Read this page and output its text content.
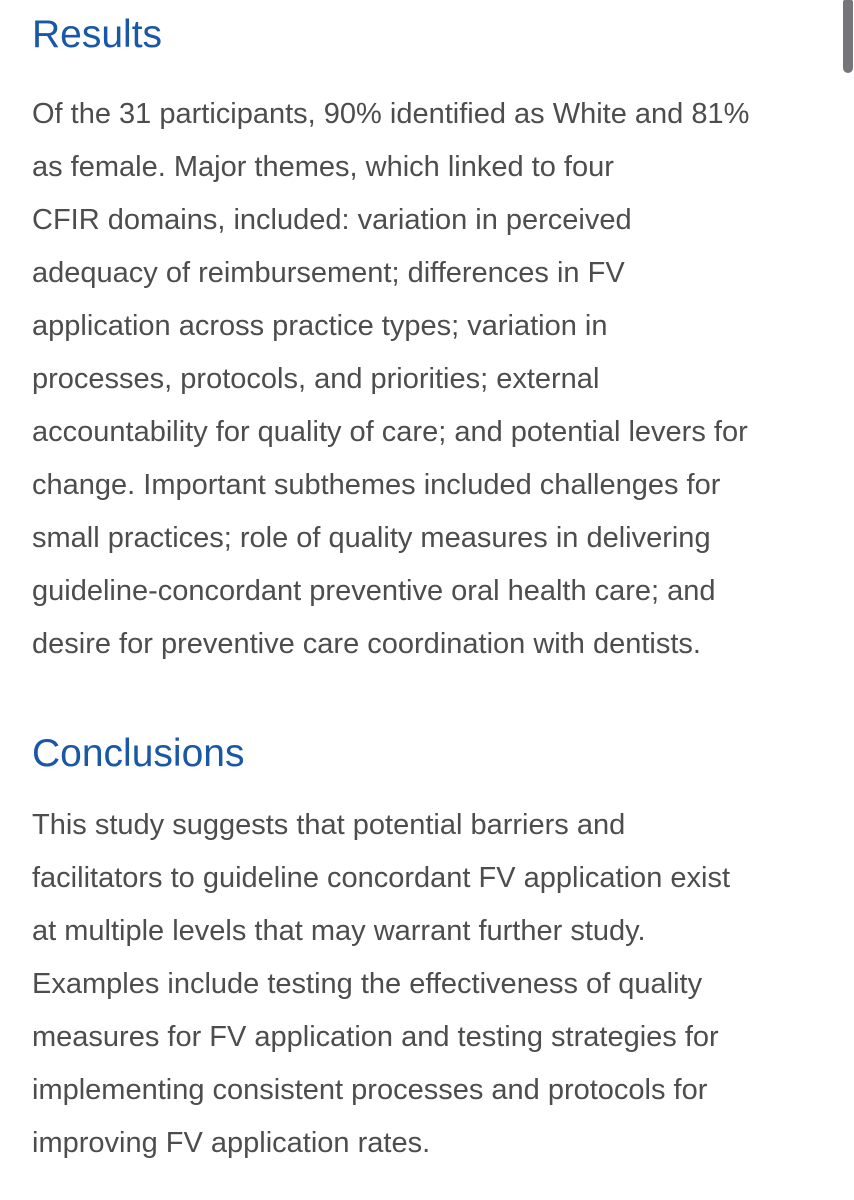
Results
Of the 31 participants, 90% identified as White and 81%
as female. Major themes, which linked to four
CFIR domains, included: variation in perceived
adequacy of reimbursement; differences in FV
application across practice types; variation in
processes, protocols, and priorities; external
accountability for quality of care; and potential levers for
change. Important subthemes included challenges for
small practices; role of quality measures in delivering
guideline-concordant preventive oral health care; and
desire for preventive care coordination with dentists.
Conclusions
This study suggests that potential barriers and
facilitators to guideline concordant FV application exist
at multiple levels that may warrant further study.
Examples include testing the effectiveness of quality
measures for FV application and testing strategies for
implementing consistent processes and protocols for
improving FV application rates.
